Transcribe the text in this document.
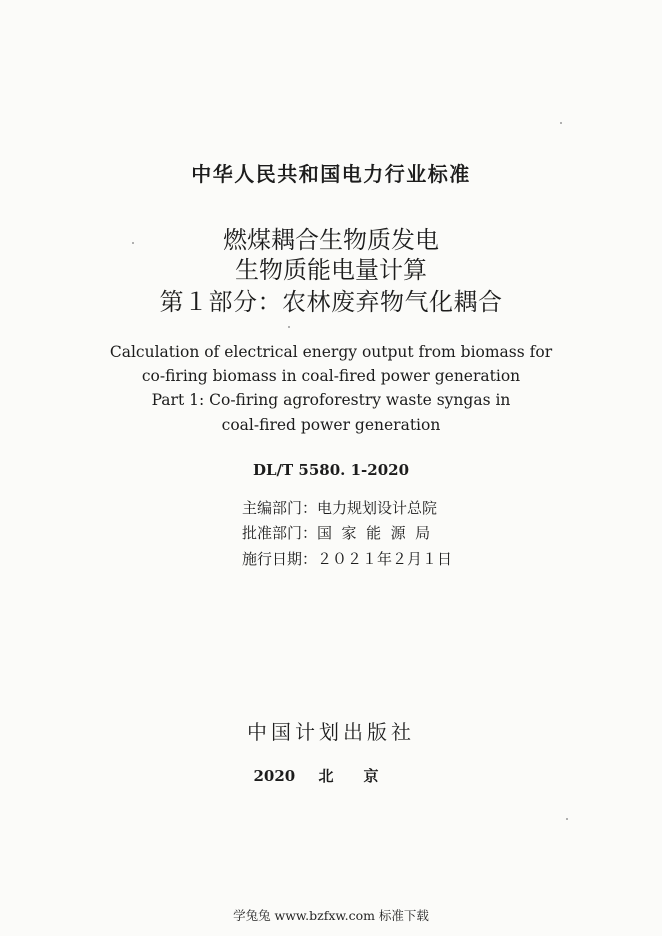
中华人民共和国电力行业标准
燃煤耦合生物质发电
生物质能电量计算
第１部分：农林废弃物气化耦合
Calculation of electrical energy output from biomass for
co-firing biomass in coal-fired power generation
Part 1: Co-firing agroforestry waste syngas in
coal-fired power generation
DL/T 5580. 1-2020
主编部门：电力规划设计总院
批准部门：国  家  能  源  局
施行日期：２０２１年２月１日
中国计划出版社
2020 北京
学兔兔 www.bzfxw.com 标准下载
